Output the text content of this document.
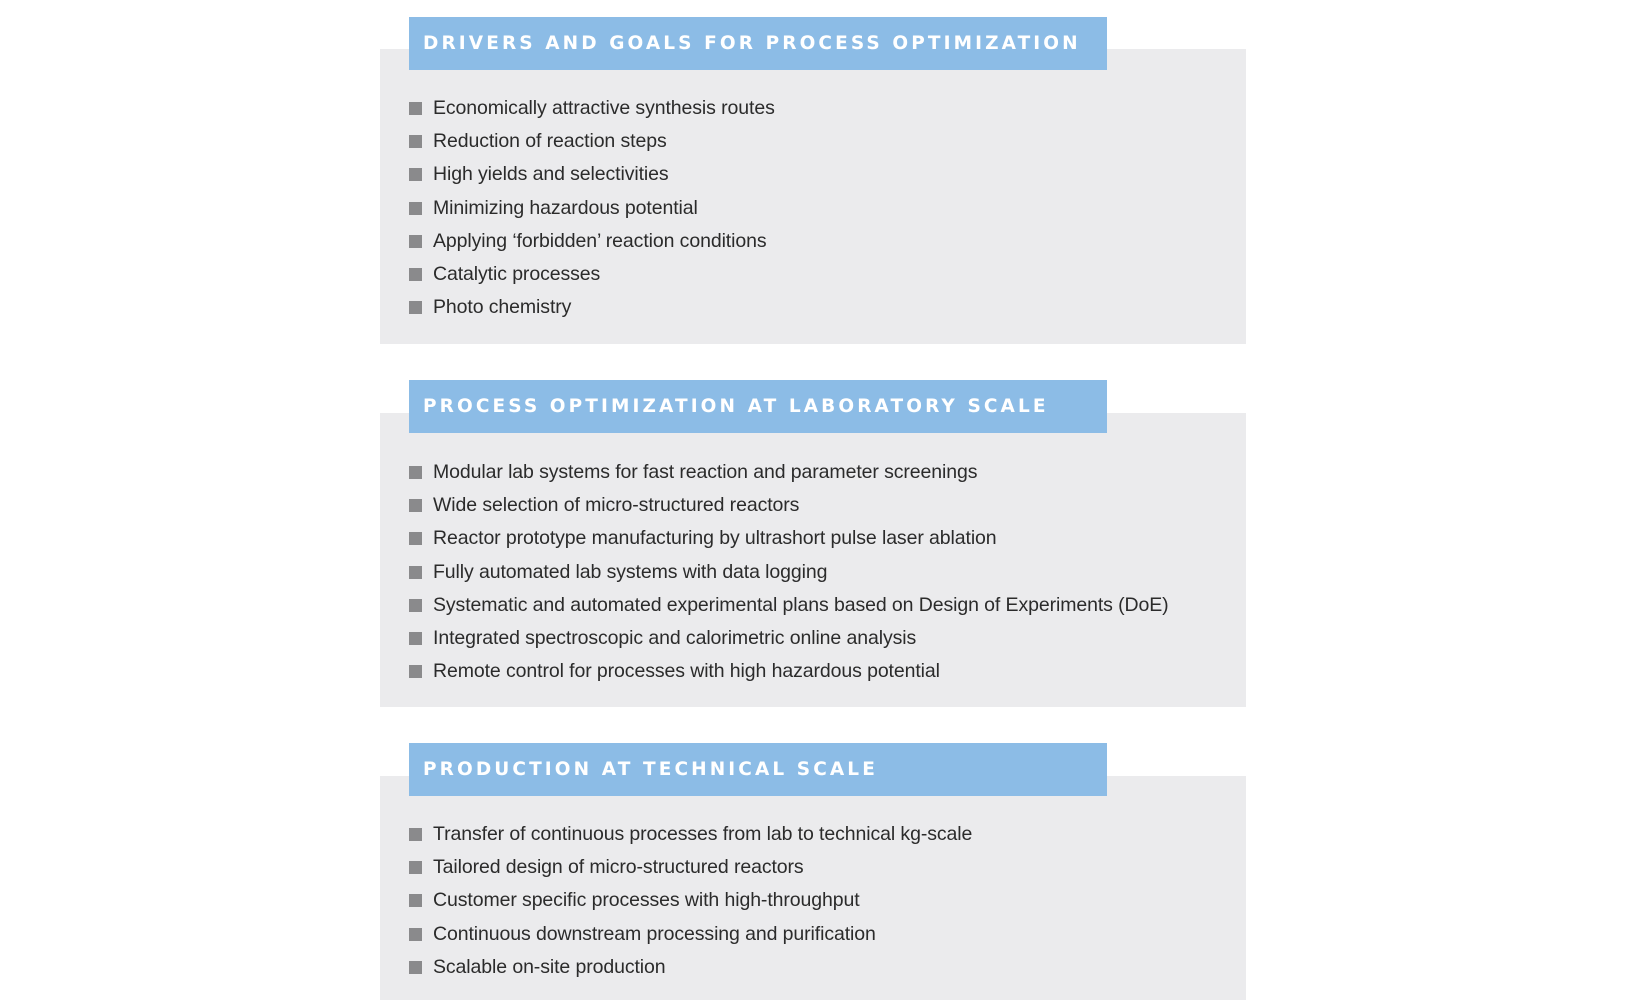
DRIVERS AND GOALS FOR PROCESS OPTIMIZATION
Economically attractive synthesis routes
Reduction of reaction steps
High yields and selectivities
Minimizing hazardous potential
Applying ‘forbidden’ reaction conditions
Catalytic processes
Photo chemistry
PROCESS OPTIMIZATION AT LABORATORY SCALE
Modular lab systems for fast reaction and parameter screenings
Wide selection of micro-structured reactors
Reactor prototype manufacturing by ultrashort pulse laser ablation
Fully automated lab systems with data logging
Systematic and automated experimental plans based on Design of Experiments (DoE)
Integrated spectroscopic and calorimetric online analysis
Remote control for processes with high hazardous potential
PRODUCTION AT TECHNICAL SCALE
Transfer of continuous processes from lab to technical kg-scale
Tailored design of micro-structured reactors
Customer specific processes with high-throughput
Continuous downstream processing and purification
Scalable on-site production
